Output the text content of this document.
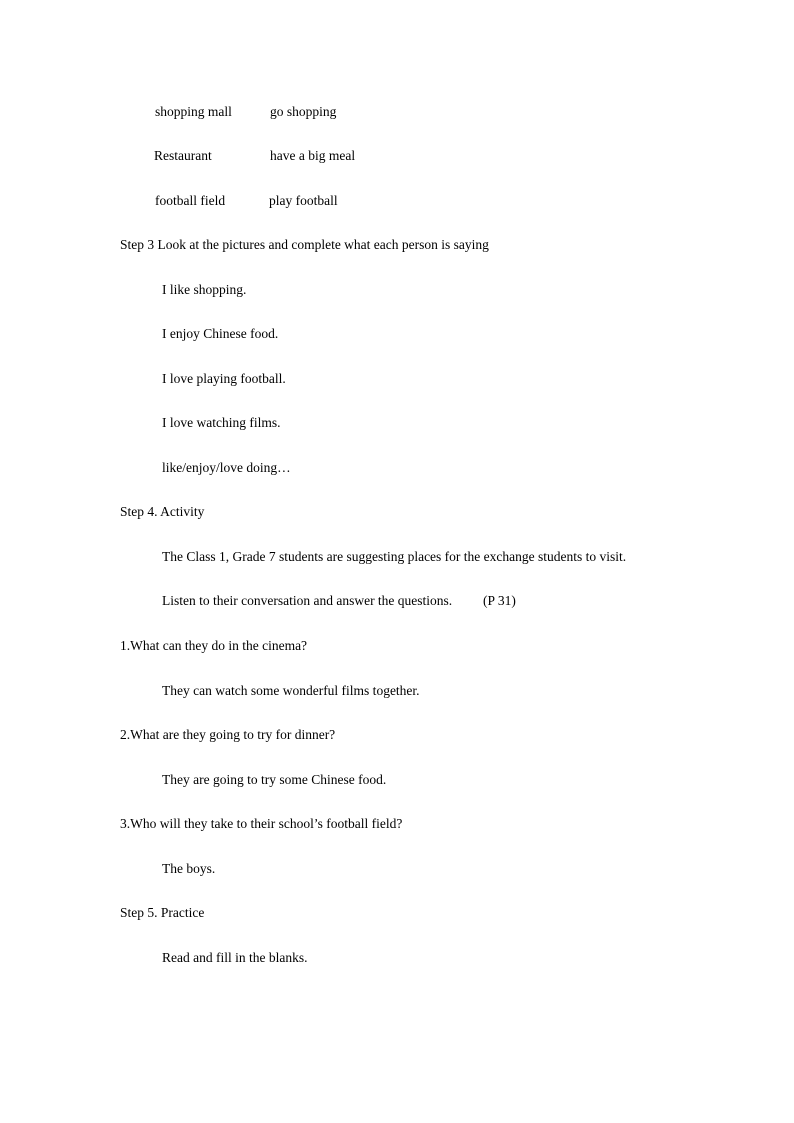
shopping mall	go shopping
Restaurant	have a big meal
football field	play football
Step 3 Look at the pictures and complete what each person is saying
I like shopping.
I enjoy Chinese food.
I love playing football.
I love watching films.
like/enjoy/love doing…
Step 4. Activity
The Class 1, Grade 7 students are suggesting places for the exchange students to visit.
Listen to their conversation and answer the questions. (P 31)
1.What can they do in the cinema?
They can watch some wonderful films together.
2.What are they going to try for dinner?
They are going to try some Chinese food.
3.Who will they take to their school’s football field?
The boys.
Step 5. Practice
Read and fill in the blanks.
